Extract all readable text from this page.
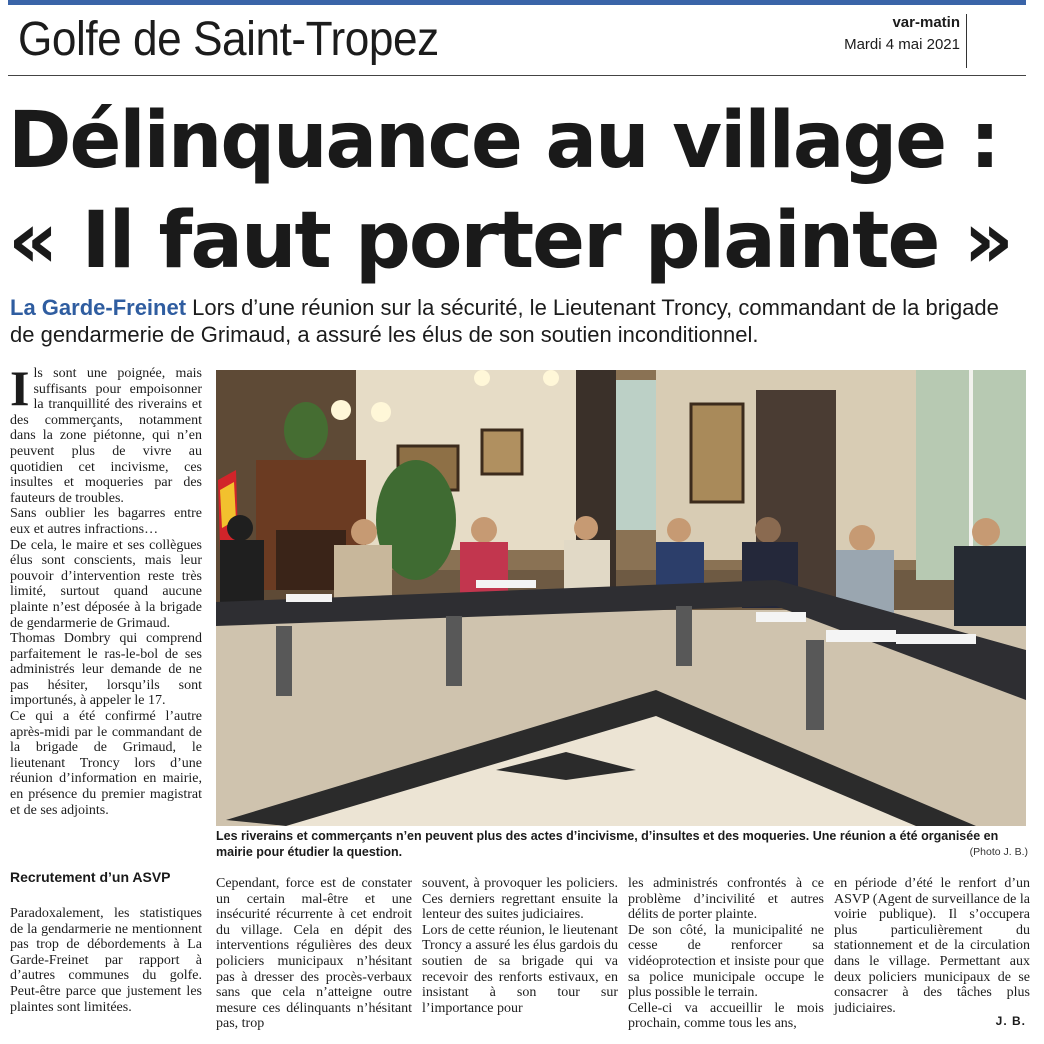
Golfe de Saint-Tropez	var-matin
Mardi 4 mai 2021
Délinquance au village :
« Il faut porter plainte »
La Garde-Freinet Lors d’une réunion sur la sécurité, le Lieutenant Troncy, commandant de la brigade de gendarmerie de Grimaud, a assuré les élus de son soutien inconditionnel.

Ils sont une poignée, mais suffisants pour empoisonner la tranquillité des riverains et des commerçants, notamment dans la zone piétonne, qui n’en peuvent plus de vivre au quotidien cet incivisme, ces insultes et moqueries par des fauteurs de troubles.

Sans oublier les bagarres entre eux et autres infractions…

De cela, le maire et ses collègues élus sont conscients, mais leur pouvoir d’intervention reste très limité, surtout quand aucune plainte n’est déposée à la brigade de gendarmerie de Grimaud.

Thomas Dombry qui comprend parfaitement le ras-le-bol de ses administrés leur demande de ne pas hésiter, lorsqu’ils sont importunés, à appeler le 17.

Ce qui a été confirmé l’autre après-midi par le commandant de la brigade de Grimaud, le lieutenant Troncy lors d’une réunion d’information en mairie, en présence du premier magistrat et de ses adjoints.

Recrutement d’un ASVP

Paradoxalement, les statistiques de la gendarmerie ne mentionnent pas trop de débordements à La Garde-Freinet par rapport à d’autres communes du golfe. Peut-être parce que justement les plaintes sont limitées.

Les riverains et commerçants n’en peuvent plus des actes d’incivisme, d’insultes et des moqueries. Une réunion a été organisée en mairie pour étudier la question.	(Photo J. B.)

Cependant, force est de constater un certain mal-être et une insécurité récurrente à cet endroit du village. Cela en dépit des interventions régulières des deux policiers municipaux n’hésitant pas à dresser des procès-verbaux sans que cela n’atteigne outre mesure ces délinquants n’hésitant pas, trop

souvent, à provoquer les policiers. Ces derniers regrettant ensuite la lenteur des suites judiciaires.

Lors de cette réunion, le lieutenant Troncy a assuré les élus gardois du soutien de sa brigade qui va recevoir des renforts estivaux, en insistant à son tour sur l’importance pour

les administrés confrontés à ce problème d’incivilité et autres délits de porter plainte.

De son côté, la municipalité ne cesse de renforcer sa vidéoprotection et insiste pour que sa police municipale occupe le plus possible le terrain.

Celle-ci va accueillir le mois prochain, comme tous les ans,

en période d’été le renfort d’un ASVP (Agent de surveillance de la voirie publique). Il s’occupera plus particulièrement du stationnement et de la circulation dans le village. Permettant aux deux policiers municipaux de se consacrer à des tâches plus judiciaires.

J. B.
